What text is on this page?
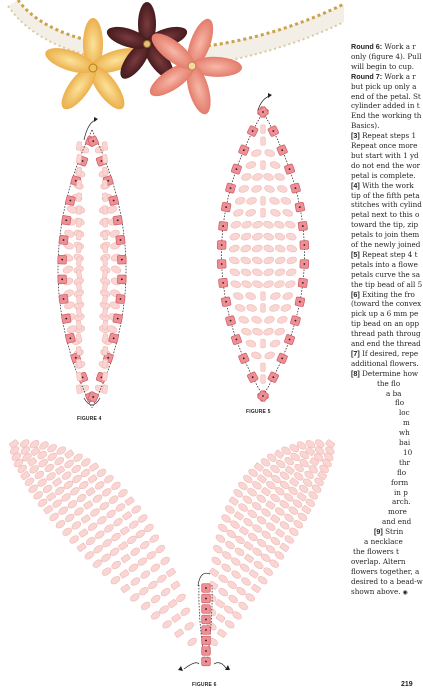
FIGURE 4
FIGURE 5
FIGURE 6
Round 6: Work a r
only (figure 4). Pull
will begin to cup.
Round 7: Work a r
but pick up only a
end of the petal. St
cylinder added in t
End the working th
Basics).
[3] Repeat steps 1
Repeat once more
but start with 1 yd
do not end the wor
petal is complete.
[4] With the work
tip of the fifth peta
stitches with cylind
petal next to this o
toward the tip, zip
petals to join them
of the newly joined
[5] Repeat step 4 t
petals into a flowe
petals curve the sa
the tip bead of all 5
[6] Exiting the fro
(toward the convex
pick up a 6 mm pe
tip bead on an opp
thread path throug
and end the thread
[7] If desired, repe
additional flowers.
[8] Determine how
the flo
a ba
flo
loc
m
wh
bai
10
thr
flo
form
in p
arch.
more
and end
[9] Strin
a necklace
the flowers t
overlap. Altern
flowers together, a
desired to a bead-w
shown above. ◉
219
